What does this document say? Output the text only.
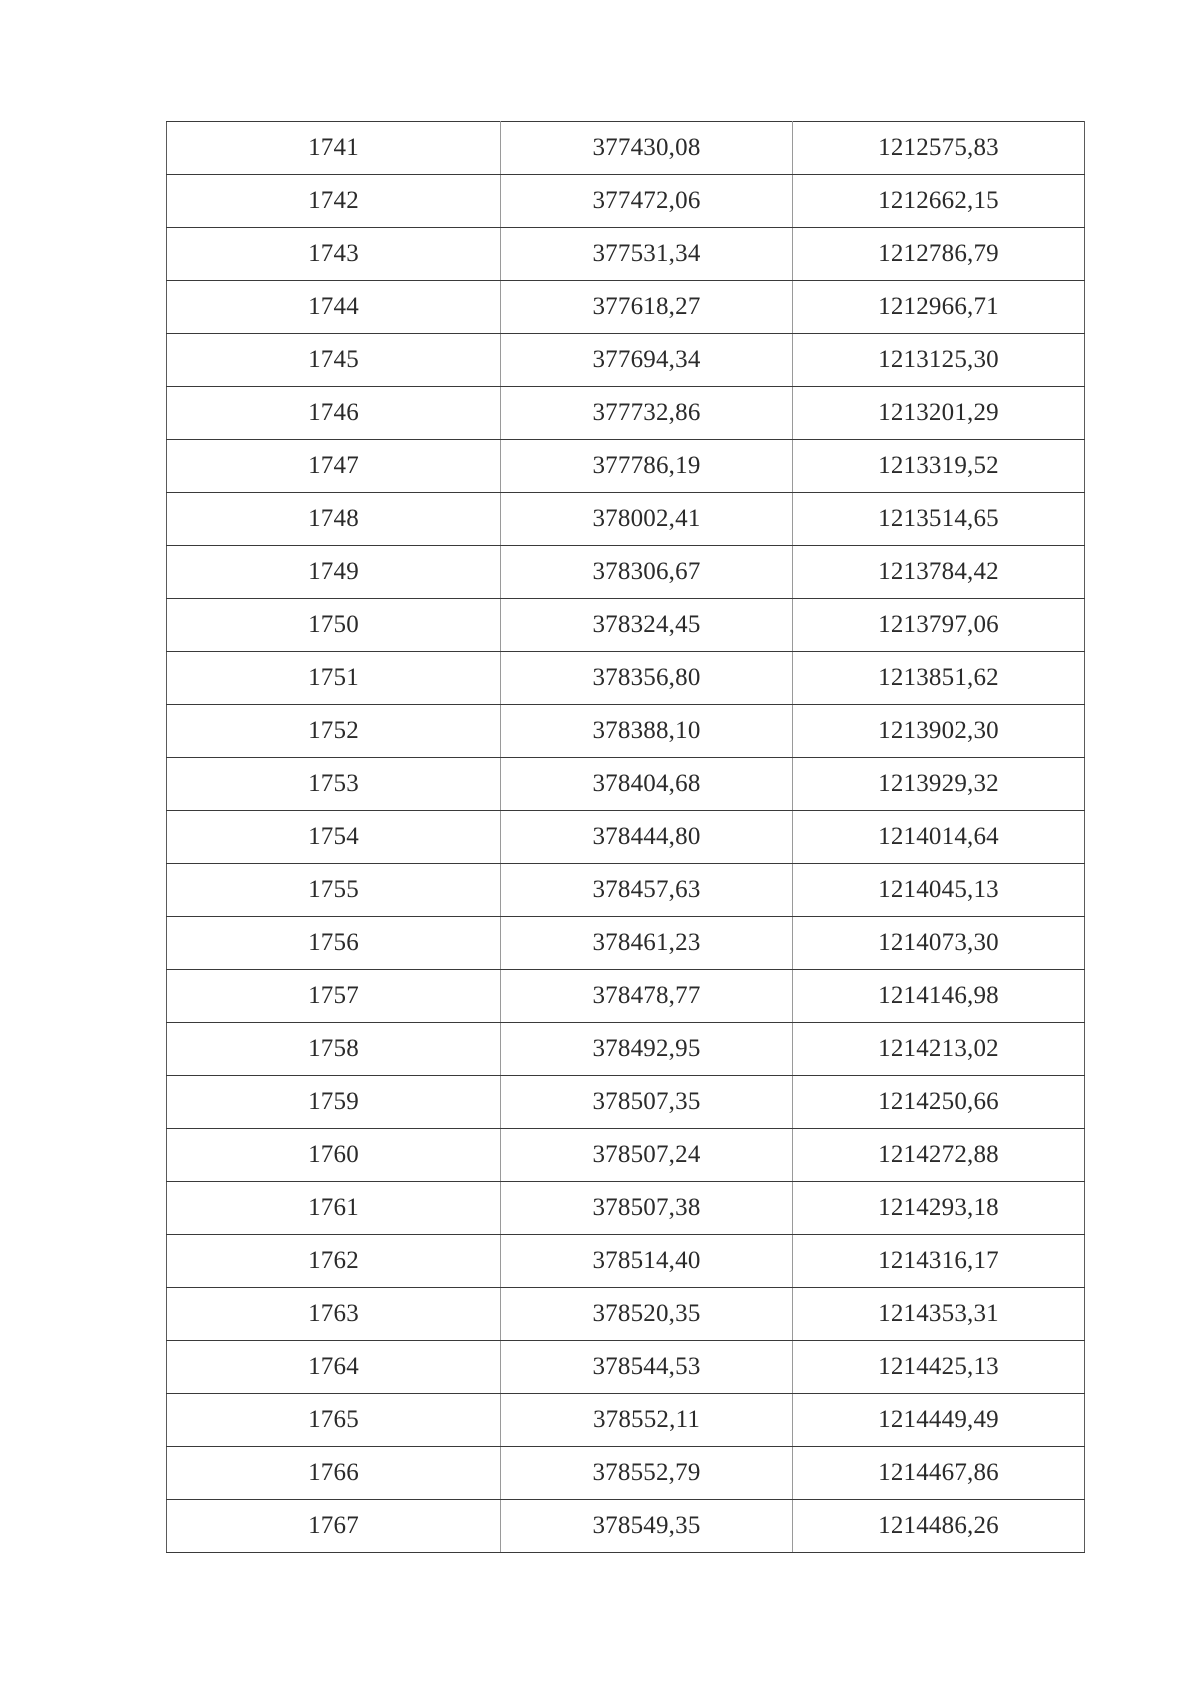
1741	377430,08	1212575,83
1742	377472,06	1212662,15
1743	377531,34	1212786,79
1744	377618,27	1212966,71
1745	377694,34	1213125,30
1746	377732,86	1213201,29
1747	377786,19	1213319,52
1748	378002,41	1213514,65
1749	378306,67	1213784,42
1750	378324,45	1213797,06
1751	378356,80	1213851,62
1752	378388,10	1213902,30
1753	378404,68	1213929,32
1754	378444,80	1214014,64
1755	378457,63	1214045,13
1756	378461,23	1214073,30
1757	378478,77	1214146,98
1758	378492,95	1214213,02
1759	378507,35	1214250,66
1760	378507,24	1214272,88
1761	378507,38	1214293,18
1762	378514,40	1214316,17
1763	378520,35	1214353,31
1764	378544,53	1214425,13
1765	378552,11	1214449,49
1766	378552,79	1214467,86
1767	378549,35	1214486,26
